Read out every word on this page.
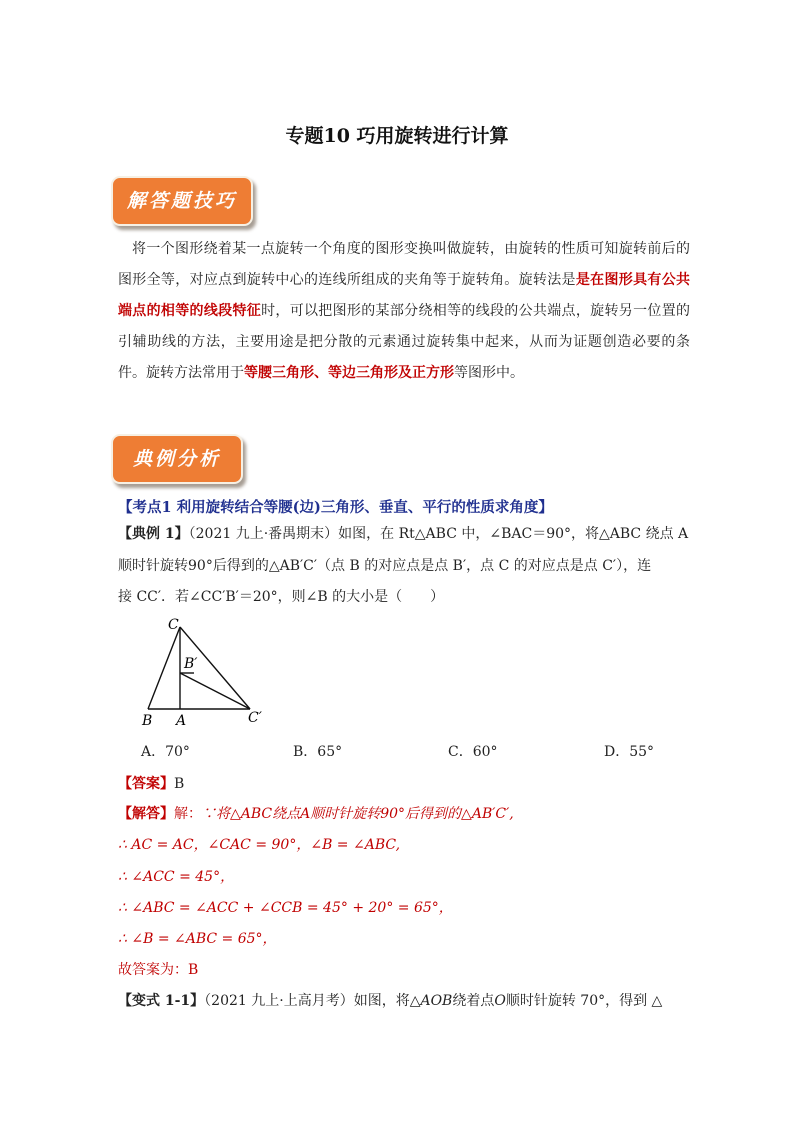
专题10 巧用旋转进行计算
解答题技巧

将一个图形绕着某一点旋转一个角度的图形变换叫做旋转，由旋转的性质可知旋转前后的图形全等，对应点到旋转中心的连线所组成的夹角等于旋转角。旋转法是是在图形具有公共端点的相等的线段特征时，可以把图形的某部分绕相等的线段的公共端点，旋转另一位置的引辅助线的方法，主要用途是把分散的元素通过旋转集中起来，从而为证题创造必要的条件。旋转方法常用于等腰三角形、等边三角形及正方形等图形中。

典例分析
【考点1 利用旋转结合等腰(边)三角形、垂直、平行的性质求角度】
【典例 1】（2021 九上·番禺期末）如图，在 Rt△ABC 中，∠BAC＝90°，将△ABC 绕点 A
顺时针旋转90°后得到的△AB′C′（点 B 的对应点是点 B′，点 C 的对应点是点 C′），连
接 CC′．若∠CC′B′＝20°，则∠B 的大小是（　　）
C
B′
B A	C′
A．70°	B．65°	C．60°	D．55°
【答案】B
【解答】解：∵将△ABC绕点A顺时针旋转90°后得到的△AB′C′,
∴ AC = AC，∠CAC = 90°，∠B = ∠ABC,
∴ ∠ACC = 45°，
∴ ∠ABC = ∠ACC + ∠CCB = 45° + 20° = 65°，
∴ ∠B = ∠ABC = 65°，
故答案为：B
【变式 1-1】（2021 九上·上高月考）如图，将△AOB绕着点O顺时针旋转 70°，得到 △
